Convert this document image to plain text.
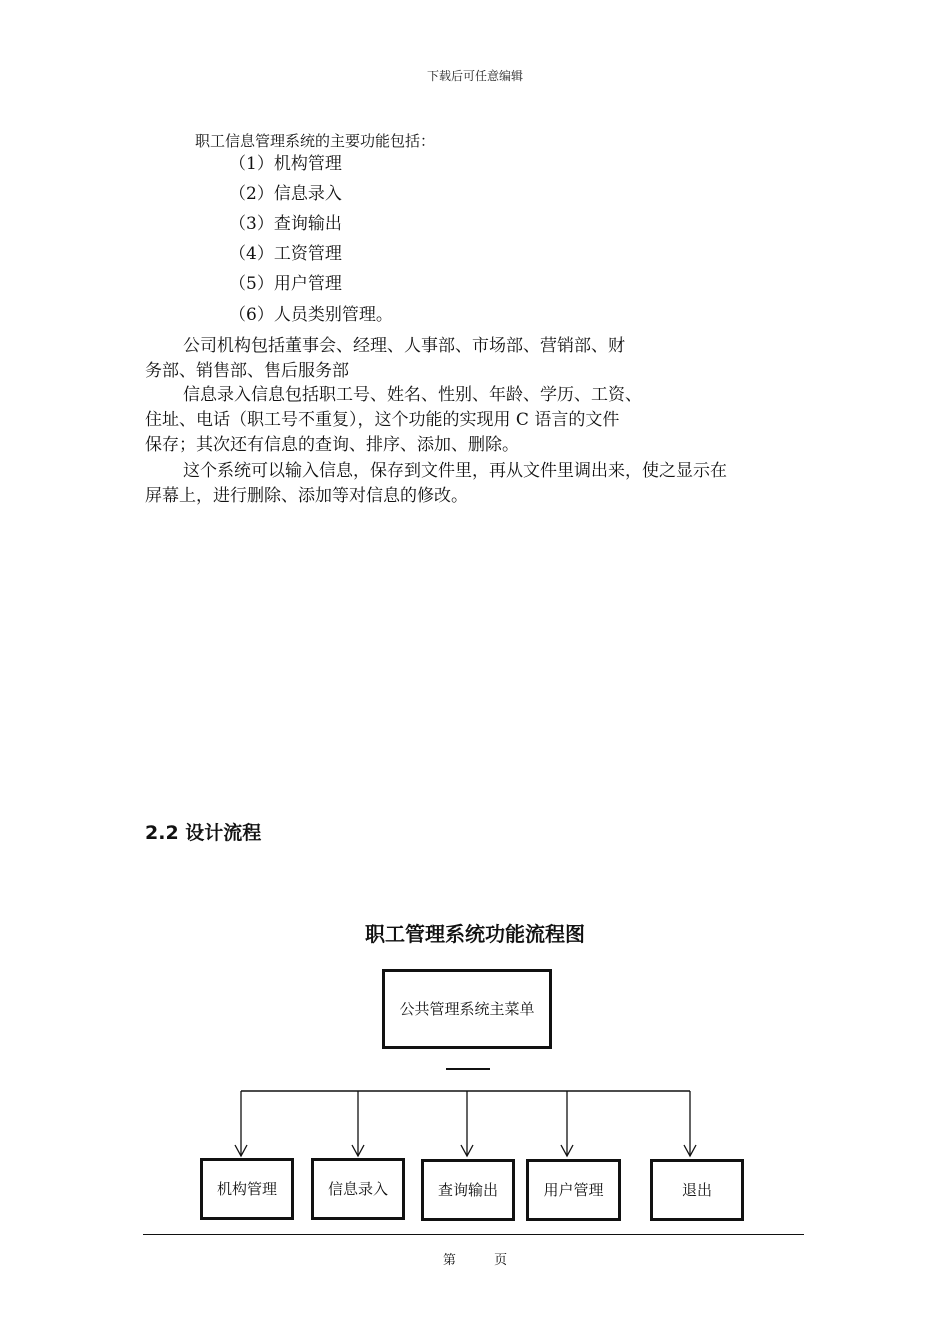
下载后可任意编辑
职工信息管理系统的主要功能包括：
（1）机构管理
（2）信息录入
（3）查询输出
（4）工资管理
（5）用户管理
（6）人员类别管理。
公司机构包括董事会、经理、人事部、市场部、营销部、财
务部、销售部、售后服务部
信息录入信息包括职工号、姓名、性别、年龄、学历、工资、
住址、电话（职工号不重复），这个功能的实现用 C 语言的文件
保存；其次还有信息的查询、排序、添加、删除。
这个系统可以输入信息，保存到文件里，再从文件里调出来，使之显示在
屏幕上，进行删除、添加等对信息的修改。
2.2 设计流程
职工管理系统功能流程图
公共管理系统主菜单
机构管理	信息录入	查询输出	用户管理	退出
第	页
